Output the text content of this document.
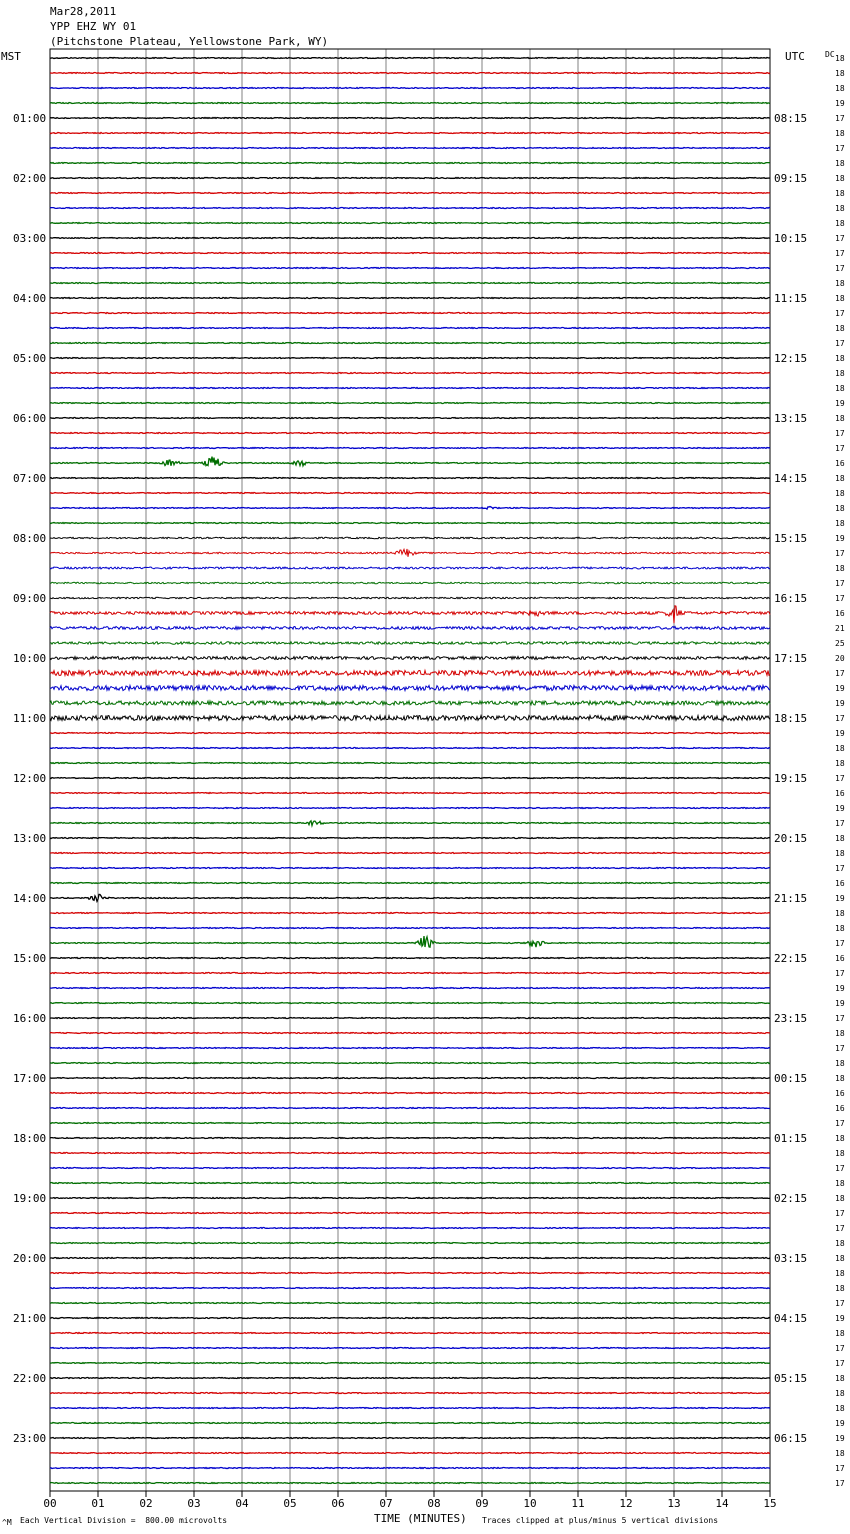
Mar28,2011
YPP EHZ WY 01
(Pitchstone Plateau, Yellowstone Park, WY)
MST	UTC	DC 18
18
18
19
17
18
17
18
18
18
18
18
17
17
17
18
18
17
18
17
18
18
18
19
18
17
17
16
18
18
18
18
19
17
18
17
17
16
21
25
20
17
19
19
17
19
18
18
17
16
19
17
18
18
17
16
19
18
18
17
16
17
19
19
17
18
17
18
18
16
16
17
18
18
17
18
18
17
17
18
18
18
18
17
19
18
17
17
18
18
18
19
19
18
17
17
01:00
02:00
03:00
04:00
05:00
06:00
07:00
08:00
09:00
10:00
11:00
12:00
13:00
14:00
15:00
16:00
17:00
18:00
19:00
20:00
21:00
22:00
23:00
08:15
09:15
10:15
11:15
12:15
13:15
14:15
15:15
16:15
17:15
18:15
19:15
20:15
21:15
22:15
23:15
00:15
01:15
02:15
03:15
04:15
05:15
06:15
00	01	02	03	04	05	06	07	08	09	10	11	12	13	14	15
^M Each Vertical Division =  800.00 microvolts	TIME (MINUTES) Traces clipped at plus/minus 5 vertical divisions
